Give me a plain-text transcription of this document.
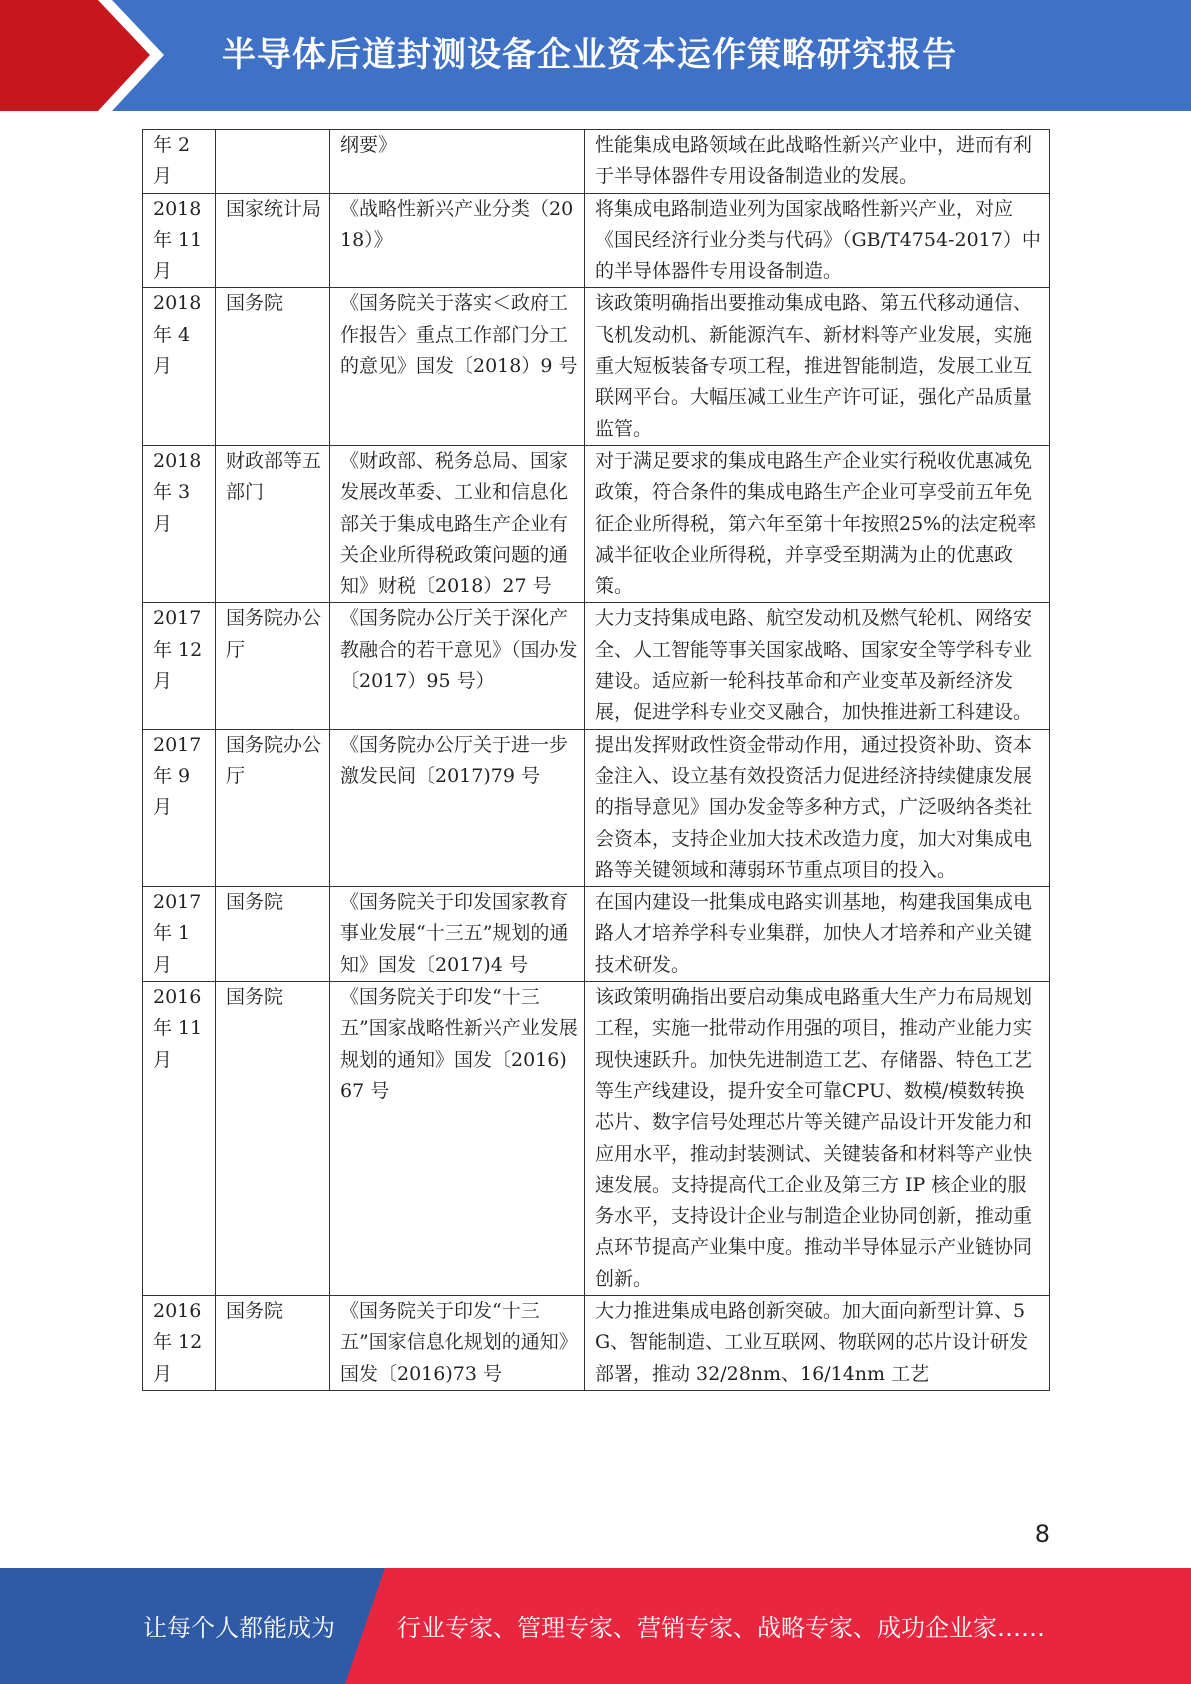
半导体后道封测设备企业资本运作策略研究报告
年 2 月		纲要》	性能集成电路领域在此战略性新兴产业中，进而有利于半导体器件专用设备制造业的发展。
2018 年 11 月	国家统计局	《战略性新兴产业分类（2018）》	将集成电路制造业列为国家战略性新兴产业，对应《国民经济行业分类与代码》（GB/T4754-2017）中的半导体器件专用设备制造。
2018 年 4 月	国务院	《国务院关于落实＜政府工作报告〉重点工作部门分工的意见》国发〔2018）9 号	该政策明确指出要推动集成电路、第五代移动通信、飞机发动机、新能源汽车、新材料等产业发展，实施重大短板装备专项工程，推进智能制造，发展工业互联网平台。大幅压减工业生产许可证，强化产品质量监管。
2018 年 3 月	财政部等五部门	《财政部、税务总局、国家发展改革委、工业和信息化部关于集成电路生产企业有关企业所得税政策问题的通知》财税〔2018）27 号	对于满足要求的集成电路生产企业实行税收优惠减免政策，符合条件的集成电路生产企业可享受前五年免征企业所得税，第六年至第十年按照25%的法定税率减半征收企业所得税，并享受至期满为止的优惠政策。
2017 年 12 月	国务院办公厅	《国务院办公厅关于深化产教融合的若干意见》（国办发〔2017）95 号）	大力支持集成电路、航空发动机及燃气轮机、网络安全、人工智能等事关国家战略、国家安全等学科专业建设。适应新一轮科技革命和产业变革及新经济发展，促进学科专业交叉融合，加快推进新工科建设。
2017 年 9 月	国务院办公厅	《国务院办公厅关于进一步激发民间〔2017)79 号	提出发挥财政性资金带动作用，通过投资补助、资本金注入、设立基有效投资活力促进经济持续健康发展的指导意见》国办发金等多种方式，广泛吸纳各类社会资本，支持企业加大技术改造力度，加大对集成电路等关键领域和薄弱环节重点项目的投入。
2017 年 1 月	国务院	《国务院关于印发国家教育事业发展“十三五”规划的通知》国发〔2017)4 号	在国内建设一批集成电路实训基地，构建我国集成电路人才培养学科专业集群，加快人才培养和产业关键技术研发。
2016 年 11 月	国务院	《国务院关于印发“十三五”国家战略性新兴产业发展规划的通知》国发〔2016)67 号	该政策明确指出要启动集成电路重大生产力布局规划工程，实施一批带动作用强的项目，推动产业能力实现快速跃升。加快先进制造工艺、存储器、特色工艺等生产线建设，提升安全可靠CPU、数模/模数转换芯片、数字信号处理芯片等关键产品设计开发能力和应用水平，推动封装测试、关键装备和材料等产业快速发展。支持提高代工企业及第三方 IP 核企业的服务水平，支持设计企业与制造企业协同创新，推动重点环节提高产业集中度。推动半导体显示产业链协同创新。
2016 年 12 月	国务院	《国务院关于印发“十三五”国家信息化规划的通知》国发〔2016)73 号	大力推进集成电路创新突破。加大面向新型计算、5G、智能制造、工业互联网、物联网的芯片设计研发部署，推动 32/28nm、16/14nm 工艺
8
让每个人都能成为	行业专家、管理专家、营销专家、战略专家、成功企业家……
